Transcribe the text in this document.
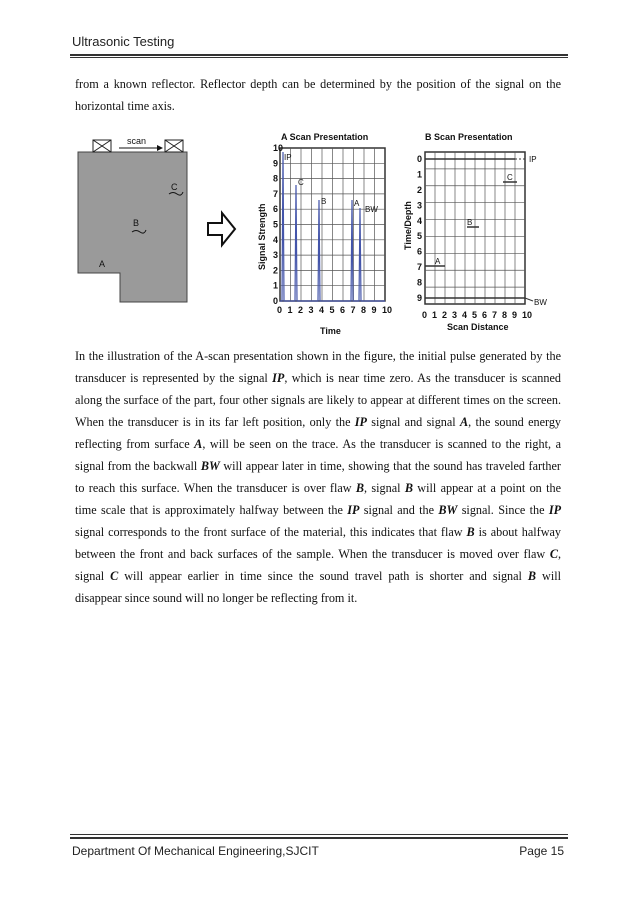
Ultrasonic Testing

from a known reflector. Reflector depth can be determined by the position of the signal on the horizontal time axis.

scan
C
B
A
A Scan Presentation
Signal Strength
Time
0
1
2
3
4
5
6
7
8
9
10
0 1 2 3 4 5 6 7 8 9 10
IP
C
B	A
BW
B Scan Presentation
Time/Depth
Scan Distance
0
1
2
3
4
5
6
7
8
9
0 1 2 3 4 5 6 7 8 9 10
IP
BW
A
B
C

In the illustration of the A-scan presentation shown in the figure, the initial pulse generated by the transducer is represented by the signal IP, which is near time zero. As the transducer is scanned along the surface of the part, four other signals are likely to appear at different times on the screen. When the transducer is in its far left position, only the IP signal and signal A, the sound energy reflecting from surface A, will be seen on the trace. As the transducer is scanned to the right, a signal from the backwall BW will appear later in time, showing that the sound has traveled farther to reach this surface. When the transducer is over flaw B, signal B will appear at a point on the time scale that is approximately halfway between the IP signal and the BW signal. Since the IP signal corresponds to the front surface of the material, this indicates that flaw B is about halfway between the front and back surfaces of the sample. When the transducer is moved over flaw C, signal C will appear earlier in time since the sound travel path is shorter and signal B will disappear since sound will no longer be reflecting from it.

Department Of Mechanical Engineering,SJCIT	Page 15
